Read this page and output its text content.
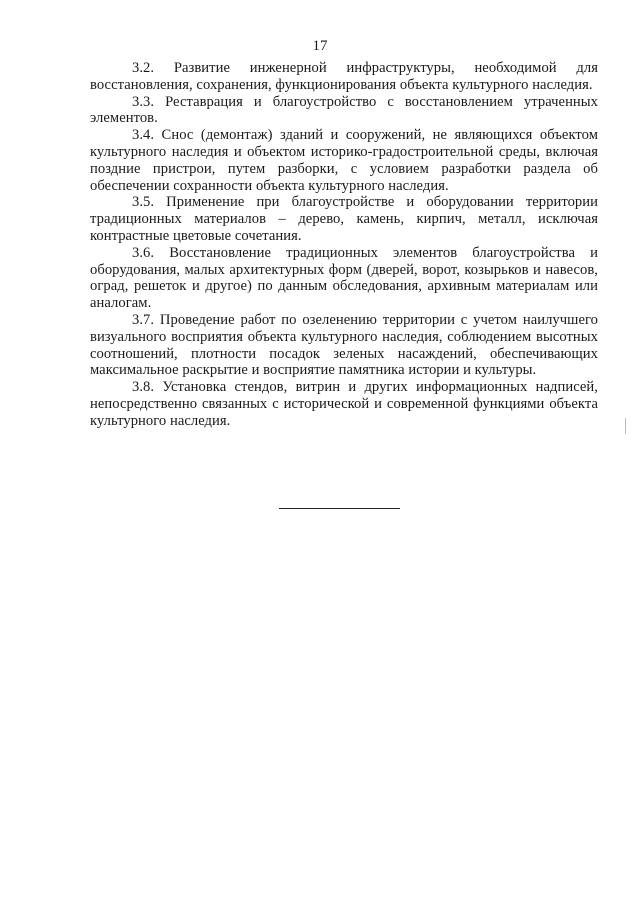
17

3.2. Развитие инженерной инфраструктуры, необходимой для восстановления, сохранения, функционирования объекта культурного наследия.

3.3. Реставрация и благоустройство с восстановлением утраченных элементов.

3.4. Снос (демонтаж) зданий и сооружений, не являющихся объектом культурного наследия и объектом историко-градостроительной среды, включая поздние пристрои, путем разборки, с условием разработки раздела об обеспечении сохранности объекта культурного наследия.

3.5. Применение при благоустройстве и оборудовании территории традиционных материалов – дерево, камень, кирпич, металл, исключая контрастные цветовые сочетания.

3.6. Восстановление традиционных элементов благоустройства и оборудования, малых архитектурных форм (дверей, ворот, козырьков и навесов, оград, решеток и другое) по данным обследования, архивным материалам или аналогам.

3.7. Проведение работ по озеленению территории с учетом наилучшего визуального восприятия объекта культурного наследия, соблюдением высотных соотношений, плотности посадок зеленых насаждений, обеспечивающих максимальное раскрытие и восприятие памятника истории и культуры.

3.8. Установка стендов, витрин и других информационных надписей, непосредственно связанных с исторической и современной функциями объекта культурного наследия.
